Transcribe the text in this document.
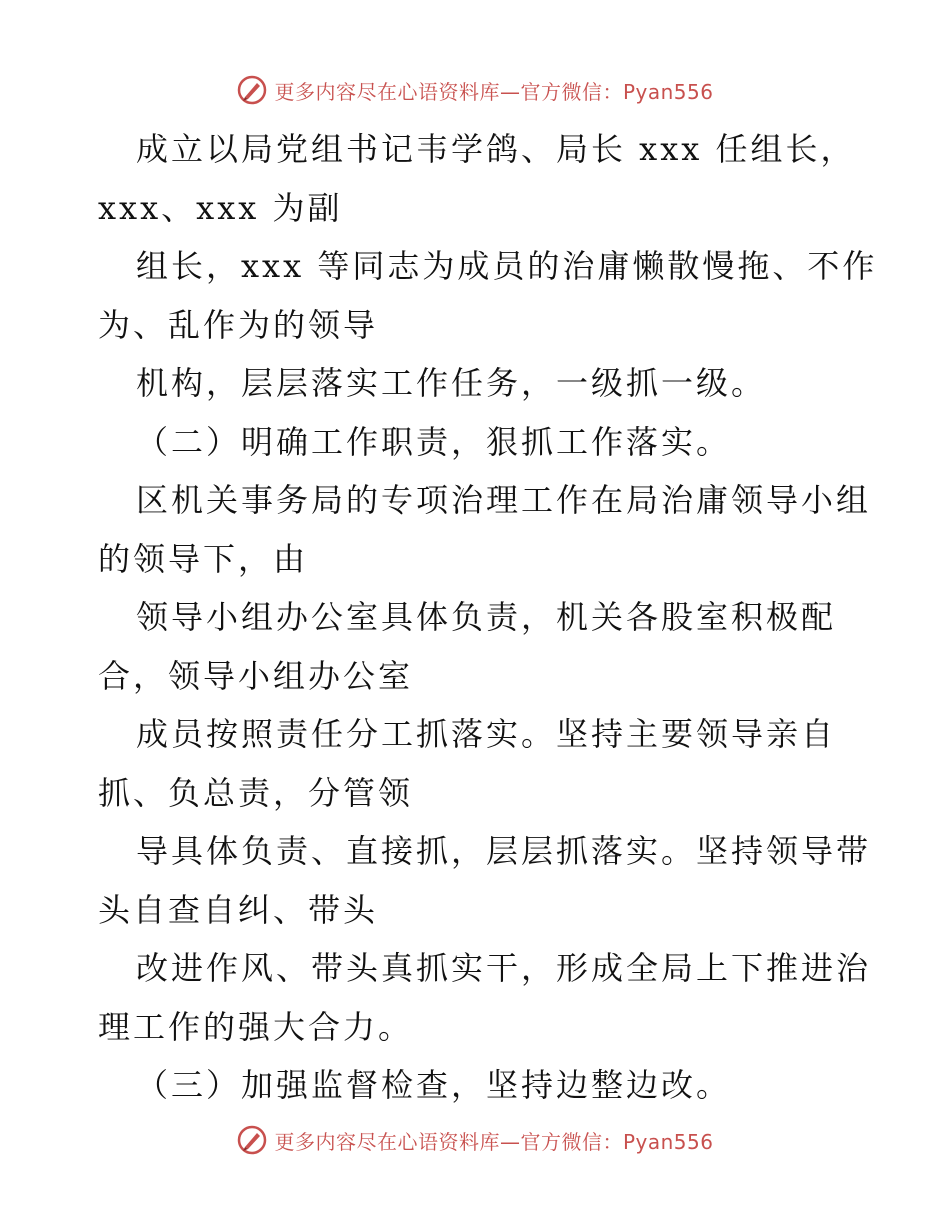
更多内容尽在心语资料库—官方微信：Pyan556
成立以局党组书记韦学鸽、局长 xxx 任组长，
xxx、xxx 为副
组长，xxx 等同志为成员的治庸懒散慢拖、不作
为、乱作为的领导
机构，层层落实工作任务，一级抓一级。
（二）明确工作职责，狠抓工作落实。
区机关事务局的专项治理工作在局治庸领导小组
的领导下，由
领导小组办公室具体负责，机关各股室积极配
合，领导小组办公室
成员按照责任分工抓落实。坚持主要领导亲自
抓、负总责，分管领
导具体负责、直接抓，层层抓落实。坚持领导带
头自查自纠、带头
改进作风、带头真抓实干，形成全局上下推进治
理工作的强大合力。
（三）加强监督检查，坚持边整边改。
更多内容尽在心语资料库—官方微信：Pyan556
